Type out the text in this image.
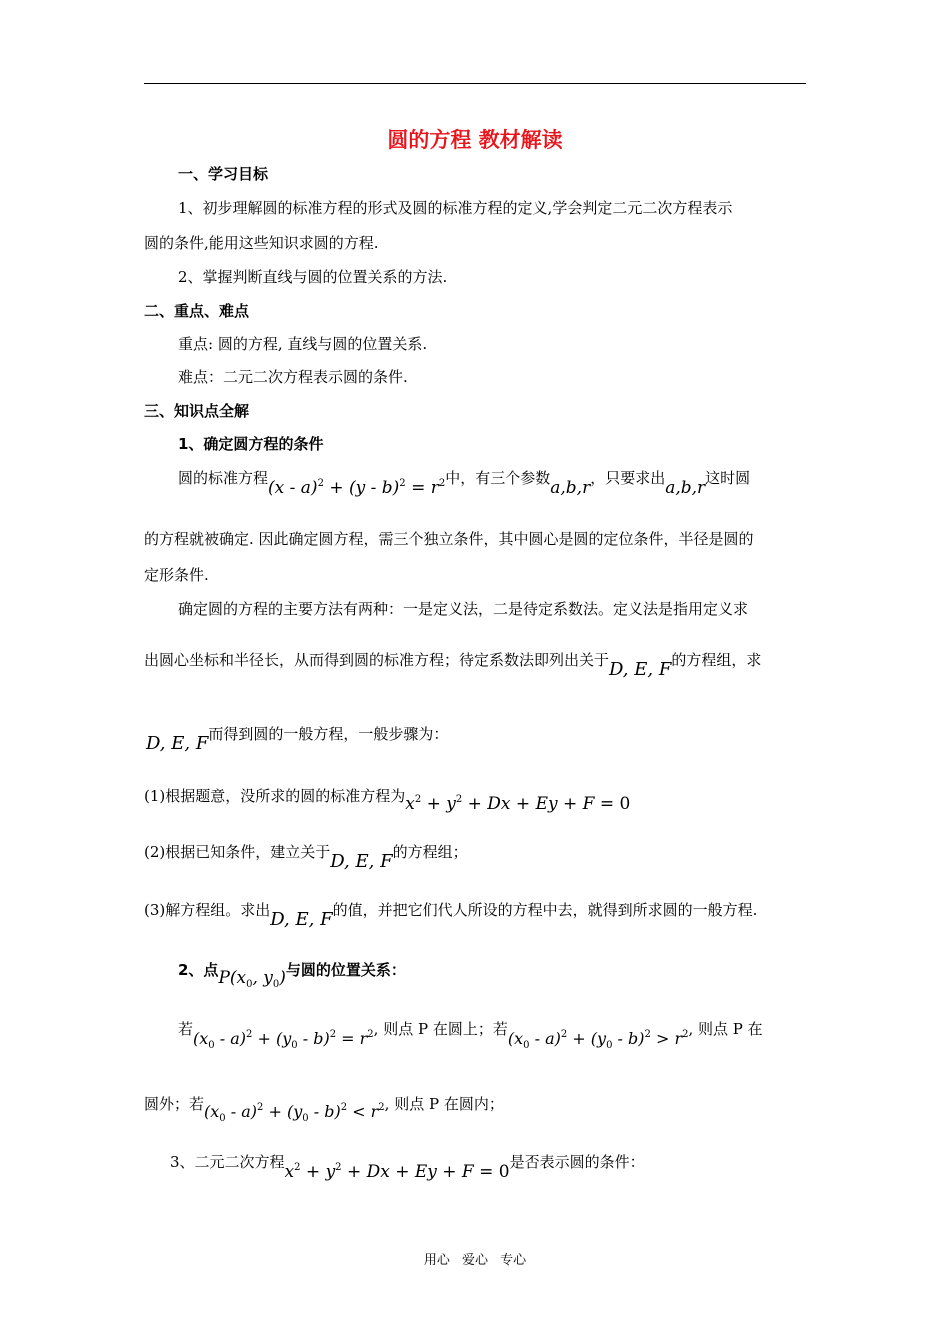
圆的方程 教材解读
一、学习目标
1、初步理解圆的标准方程的形式及圆的标准方程的定义,学会判定二元二次方程表示
圆的条件,能用这些知识求圆的方程.
2、掌握判断直线与圆的位置关系的方法.
二、重点、难点
重点: 圆的方程, 直线与圆的位置关系.
难点：二元二次方程表示圆的条件.
三、知识点全解
1、确定圆方程的条件
圆的标准方程$(x - a)^2 + (y - b)^2 = r^2$中，有三个参数a,b,r，只要求出a,b,r这时圆
的方程就被确定. 因此确定圆方程，需三个独立条件，其中圆心是圆的定位条件，半径是圆的
定形条件.
确定圆的方程的主要方法有两种：一是定义法，二是待定系数法。定义法是指用定义求
出圆心坐标和半径长，从而得到圆的标准方程；待定系数法即列出关于D, E, F的方程组，求
D, E, F而得到圆的一般方程，一般步骤为：
(1)根据题意，没所求的圆的标准方程为$x^2 + y^2 + Dx + Ey + F = 0$
(2)根据已知条件，建立关于D, E, F的方程组；
(3)解方程组。求出D, E, F的值，并把它们代人所设的方程中去，就得到所求圆的一般方程.
2、点$P(x_0$, $y_0$)与圆的位置关系：
若$(x_0 - a)^2 + (y_0 - b)^2 = r^2$, 则点 P 在圆上；若$(x_0 - a)^2 + (y_0 - b)^2 > r^2$, 则点 P 在
圆外；若$(x_0 - a)^2 + (y_0 - b)^2 < r^2$, 则点 P 在圆内；
3、二元二次方程$x^2 + y^2 + Dx + Ey + F = 0$是否表示圆的条件：
用心 爱心 专心
